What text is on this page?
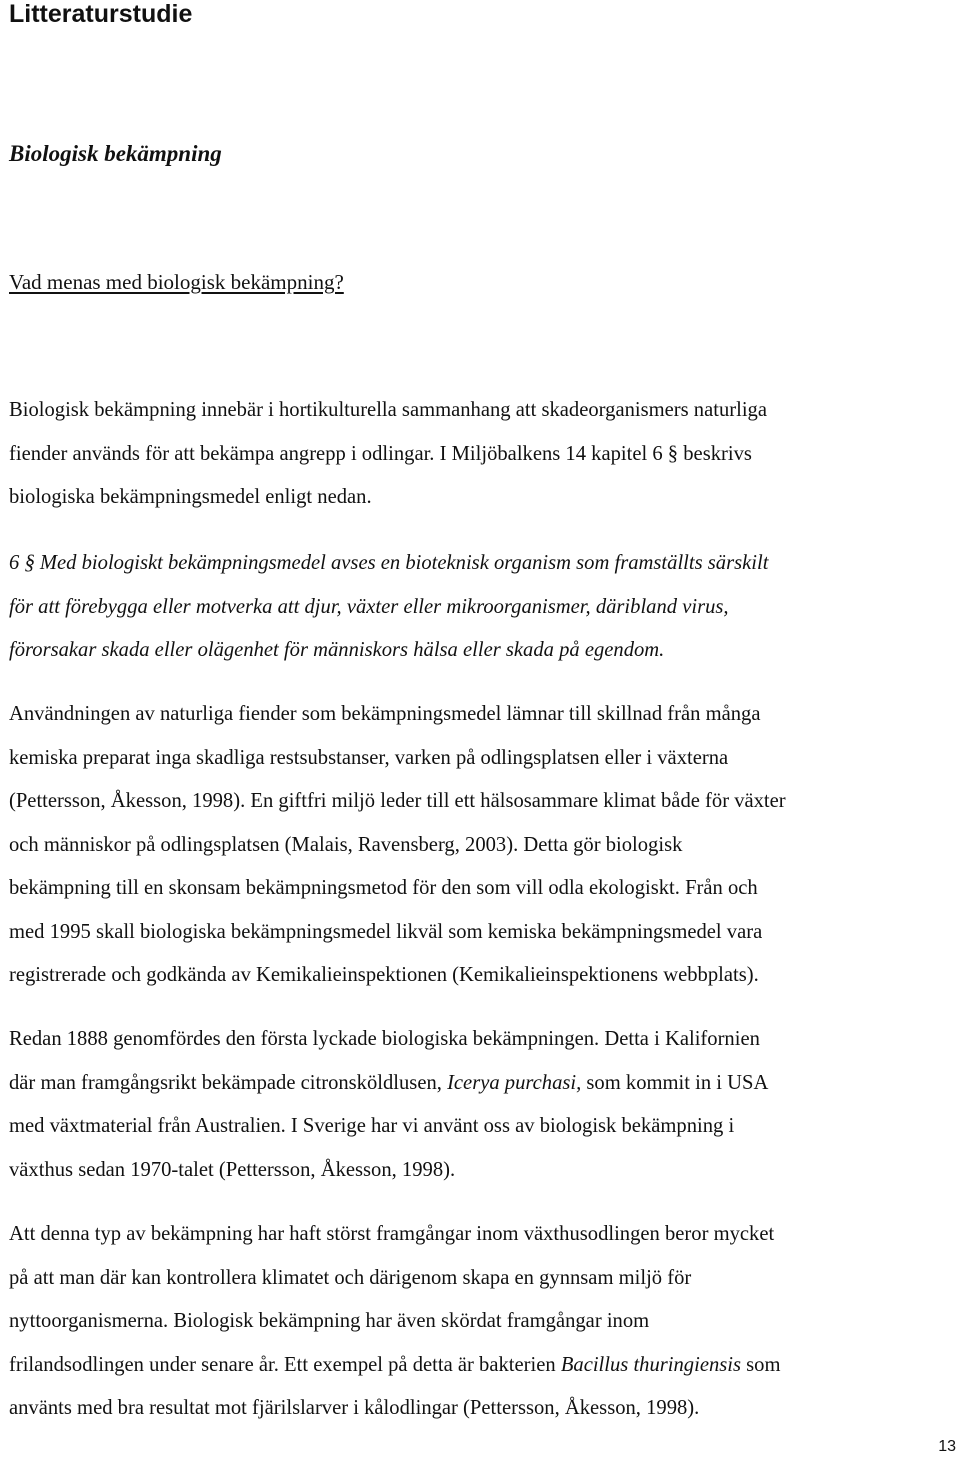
Litteraturstudie
Biologisk bekämpning
Vad menas med biologisk bekämpning?
Biologisk bekämpning innebär i hortikulturella sammanhang att skadeorganismers naturliga
fiender används för att bekämpa angrepp i odlingar. I Miljöbalkens 14 kapitel 6 § beskrivs
biologiska bekämpningsmedel enligt nedan.
6 § Med biologiskt bekämpningsmedel avses en bioteknisk organism som framställts särskilt
för att förebygga eller motverka att djur, växter eller mikroorganismer, däribland virus,
förorsakar skada eller olägenhet för människors hälsa eller skada på egendom.
Användningen av naturliga fiender som bekämpningsmedel lämnar till skillnad från många
kemiska preparat inga skadliga restsubstanser, varken på odlingsplatsen eller i växterna
(Pettersson, Åkesson, 1998). En giftfri miljö leder till ett hälsosammare klimat både för växter
och människor på odlingsplatsen (Malais, Ravensberg, 2003). Detta gör biologisk
bekämpning till en skonsam bekämpningsmetod för den som vill odla ekologiskt. Från och
med 1995 skall biologiska bekämpningsmedel likväl som kemiska bekämpningsmedel vara
registrerade och godkända av Kemikalieinspektionen (Kemikalieinspektionens webbplats).
Redan 1888 genomfördes den första lyckade biologiska bekämpningen. Detta i Kalifornien
där man framgångsrikt bekämpade citronsköldlusen, Icerya purchasi, som kommit in i USA
med växtmaterial från Australien. I Sverige har vi använt oss av biologisk bekämpning i
växthus sedan 1970-talet (Pettersson, Åkesson, 1998).
Att denna typ av bekämpning har haft störst framgångar inom växthusodlingen beror mycket
på att man där kan kontrollera klimatet och därigenom skapa en gynnsam miljö för
nyttoorganismerna. Biologisk bekämpning har även skördat framgångar inom
frilandsodlingen under senare år. Ett exempel på detta är bakterien Bacillus thuringiensis som
använts med bra resultat mot fjärilslarver i kålodlingar (Pettersson, Åkesson, 1998).
13
